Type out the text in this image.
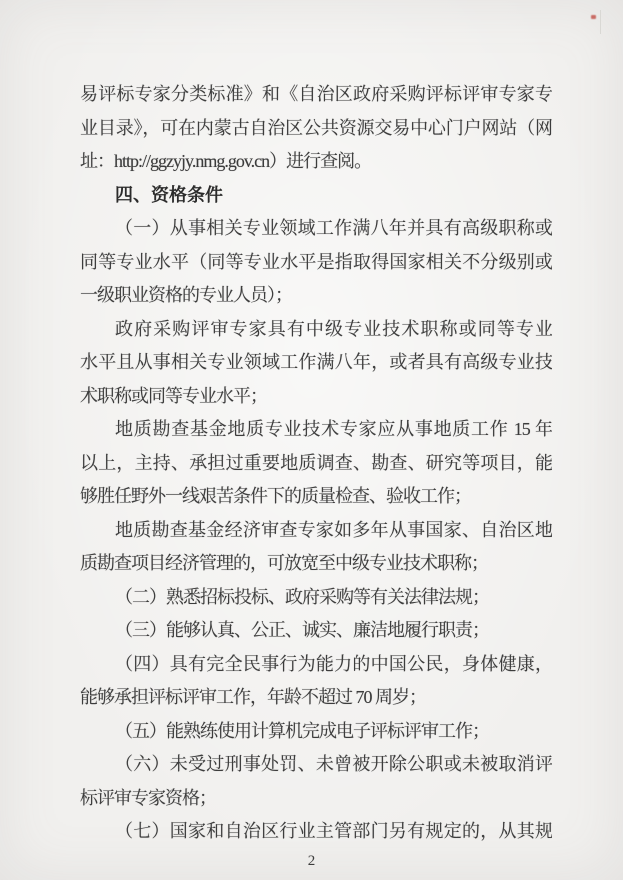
易评标专家分类标准》和《自治区政府采购评标评审专家专
业目录》，可在内蒙古自治区公共资源交易中心门户网站（网
址：http://ggzyjy.nmg.gov.cn）进行查阅。
四、资格条件
（一）从事相关专业领域工作满八年并具有高级职称或
同等专业水平（同等专业水平是指取得国家相关不分级别或
一级职业资格的专业人员）；
政府采购评审专家具有中级专业技术职称或同等专业
水平且从事相关专业领域工作满八年，或者具有高级专业技
术职称或同等专业水平；
地质勘查基金地质专业技术专家应从事地质工作 15 年
以上，主持、承担过重要地质调查、勘查、研究等项目，能
够胜任野外一线艰苦条件下的质量检查、验收工作；
地质勘查基金经济审查专家如多年从事国家、自治区地
质勘查项目经济管理的，可放宽至中级专业技术职称；
（二）熟悉招标投标、政府采购等有关法律法规；
（三）能够认真、公正、诚实、廉洁地履行职责；
（四）具有完全民事行为能力的中国公民，身体健康，
能够承担评标评审工作，年龄不超过 70 周岁；
（五）能熟练使用计算机完成电子评标评审工作；
（六）未受过刑事处罚、未曾被开除公职或未被取消评
标评审专家资格；
（七）国家和自治区行业主管部门另有规定的，从其规
2
